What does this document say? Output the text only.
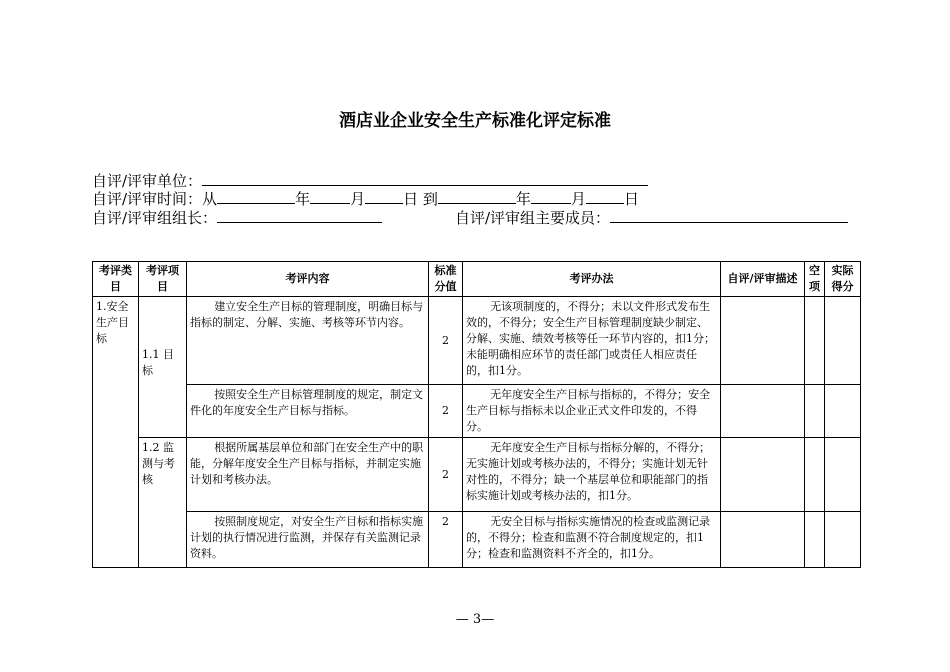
酒店业企业安全生产标准化评定标准
自评/评审单位：
自评/评审时间：从	年	月	日 到	年	月	日
自评/评审组组长：	自评/评审组主要成员：
考评类目	考评项目	考评内容	标准分值	考评办法	自评/评审描述	空项	实际得分
1.安全生产目标	1.1 目标	建立安全生产目标的管理制度，明确目标与指标的制定、分解、实施、考核等环节内容。	2	无该项制度的，不得分；未以文件形式发布生效的，不得分；安全生产目标管理制度缺少制定、分解、实施、绩效考核等任一环节内容的，扣1分；未能明确相应环节的责任部门或责任人相应责任的，扣1分。			
		按照安全生产目标管理制度的规定，制定文件化的年度安全生产目标与指标。	2	无年度安全生产目标与指标的，不得分；安全生产目标与指标未以企业正式文件印发的，不得分。			
	1.2 监测与考核	根据所属基层单位和部门在安全生产中的职能，分解年度安全生产目标与指标，并制定实施计划和考核办法。	2	无年度安全生产目标与指标分解的，不得分；无实施计划或考核办法的，不得分；实施计划无针对性的，不得分；缺一个基层单位和职能部门的指标实施计划或考核办法的，扣1分。			
		按照制度规定，对安全生产目标和指标实施计划的执行情况进行监测，并保存有关监测记录资料。	2	无安全目标与指标实施情况的检查或监测记录的，不得分；检查和监测不符合制度规定的，扣1分；检查和监测资料不齐全的，扣1分。			
— 3—
